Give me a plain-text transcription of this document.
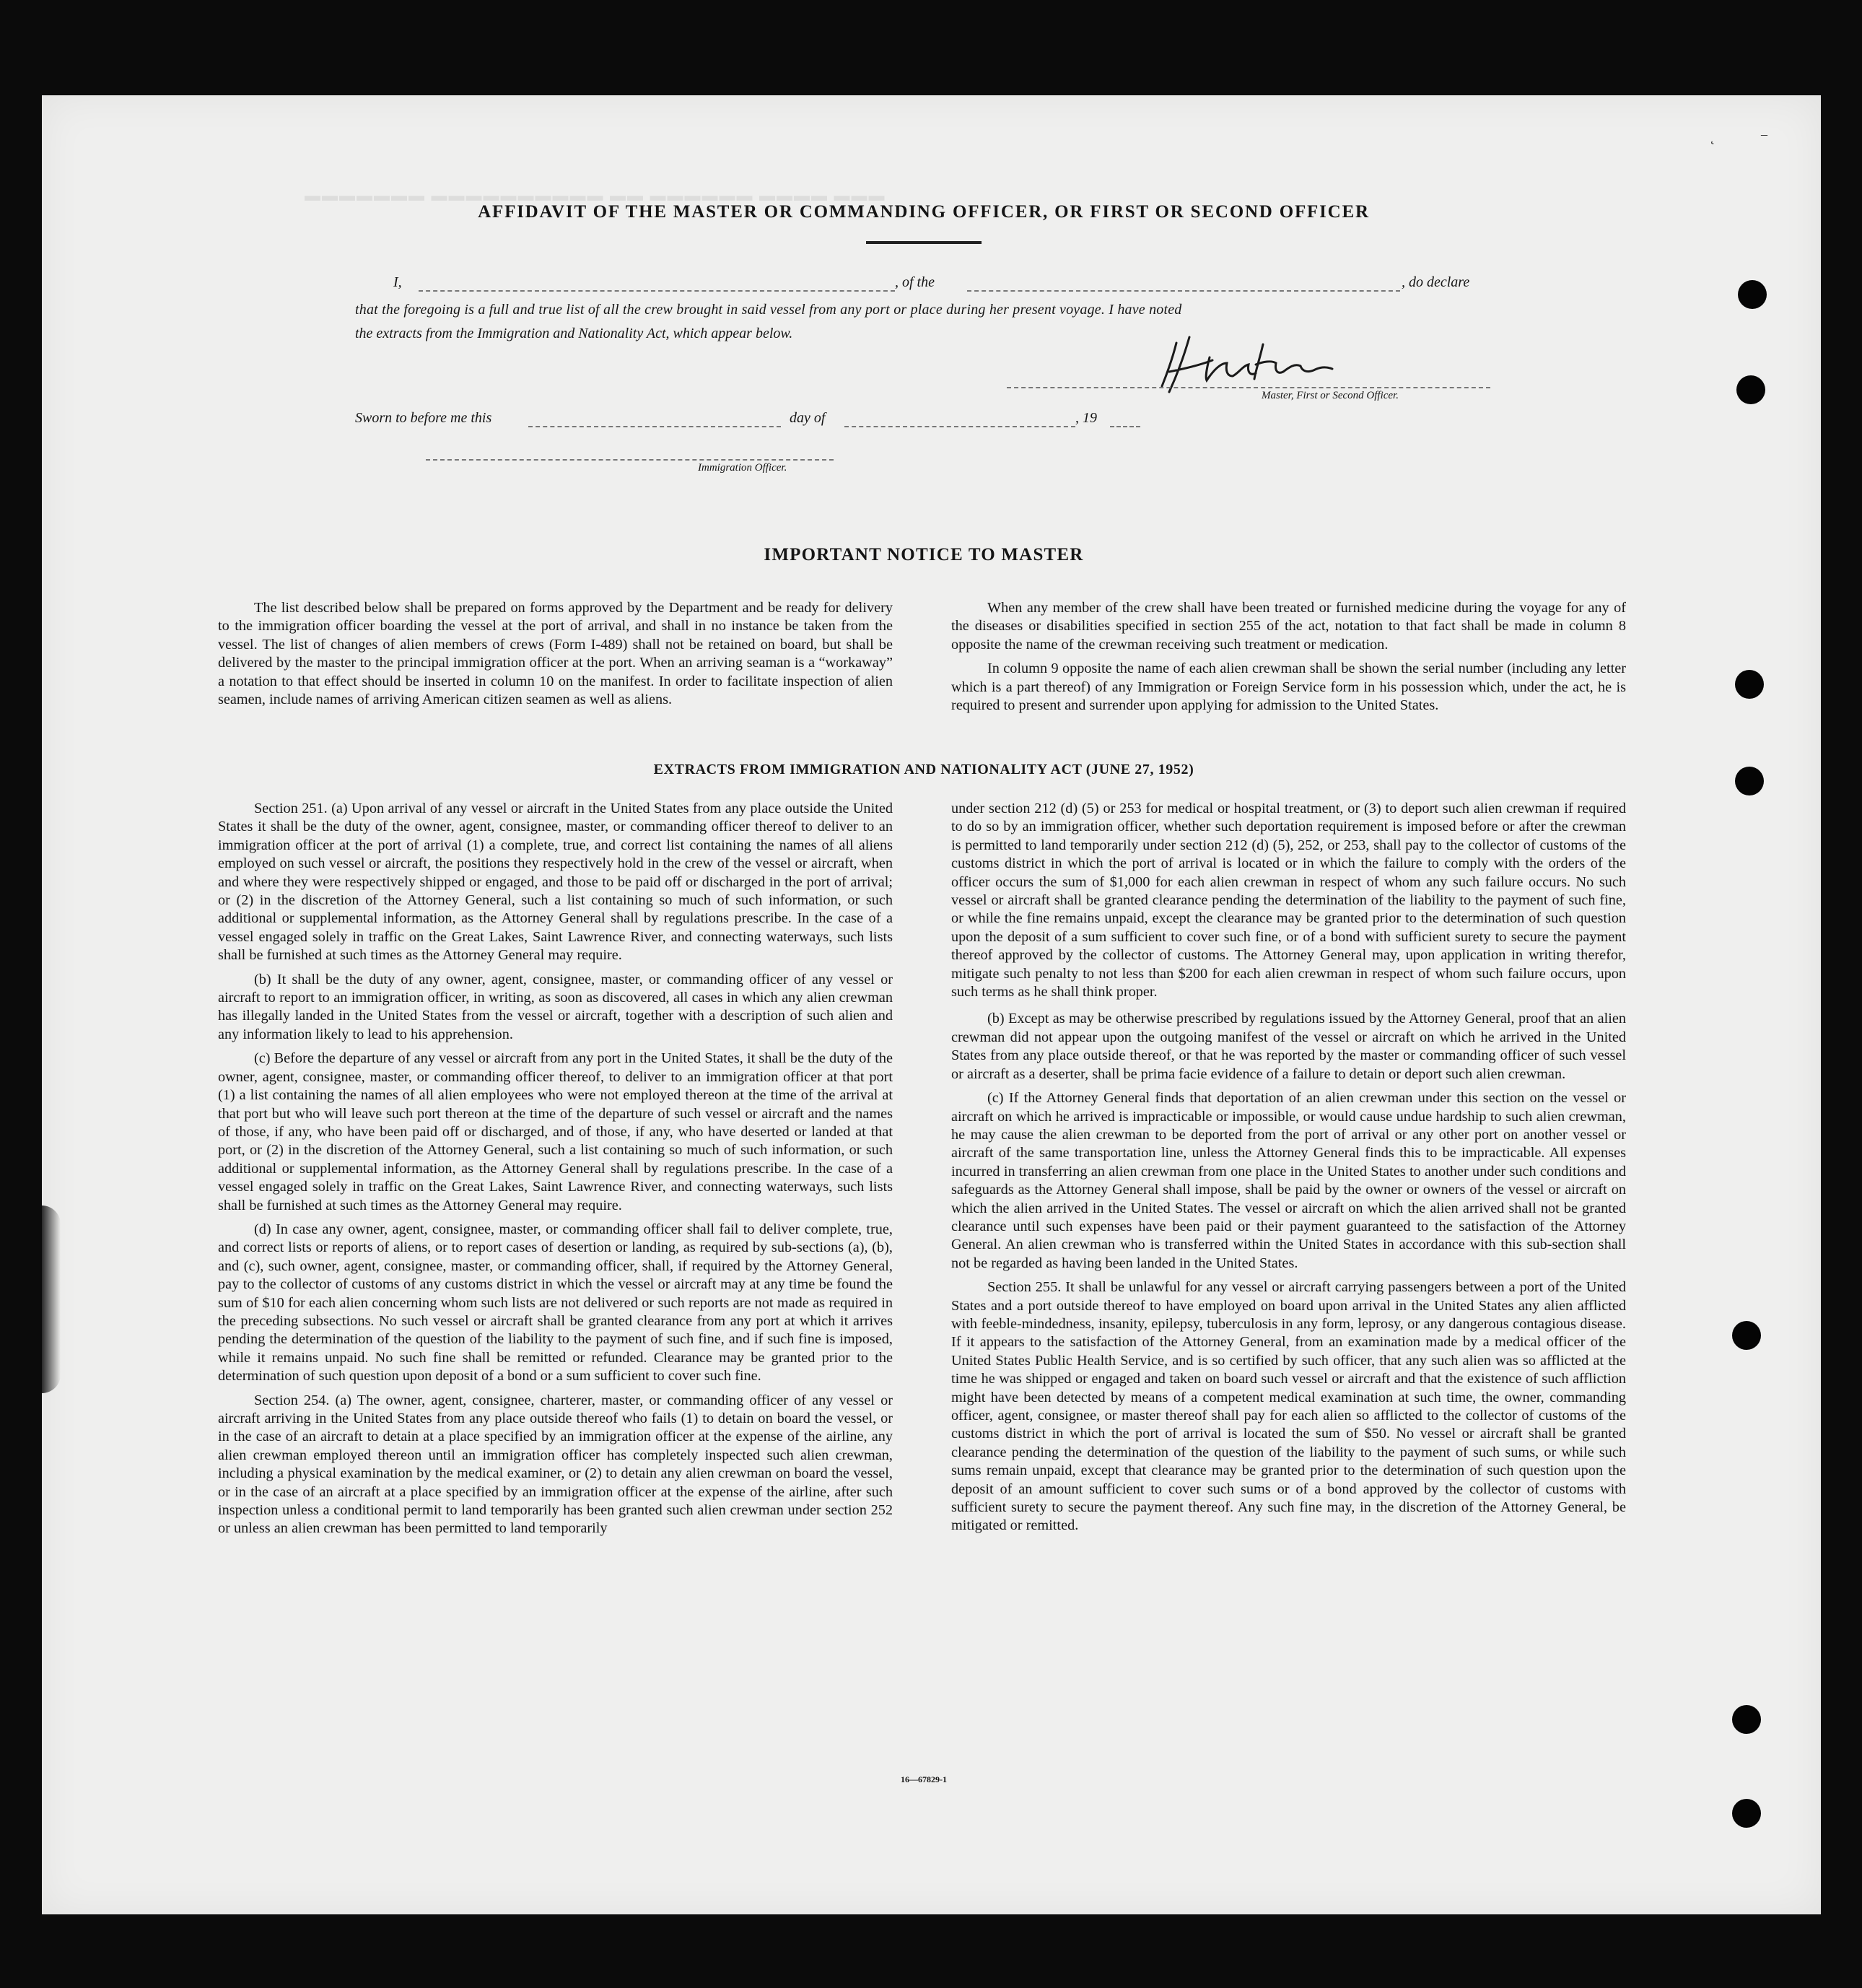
▬▬▬ ▬▬▬▬ ▬▬▬▬▬▬ ▬▬ ▬▬▬▬▬▬▬▬▬▬ ▬▬▬▬▬▬▬
˛	–
AFFIDAVIT OF THE MASTER OR COMMANDING OFFICER, OR FIRST OR SECOND OFFICER
I,	, of the	, do declare
that the foregoing is a full and true list of all the crew brought in said vessel from any port or place during her present voyage. I have noted
the extracts from the Immigration and Nationality Act, which appear below.
Master, First or Second Officer.
Sworn to before me this	day of	, 19
Immigration Officer.
IMPORTANT NOTICE TO MASTER

The list described below shall be prepared on forms approved by the Department and be ready for delivery to the immigration officer boarding the vessel at the port of arrival, and shall in no instance be taken from the vessel. The list of changes of alien members of crews (Form I-489) shall not be retained on board, but shall be delivered by the master to the principal immigration officer at the port. When an arriving seaman is a “workaway” a notation to that effect should be inserted in column 10 on the manifest. In order to facilitate inspection of alien seamen, include names of arriving American citizen seamen as well as aliens.

When any member of the crew shall have been treated or furnished medicine during the voyage for any of the diseases or disabilities specified in section 255 of the act, notation to that fact shall be made in column 8 opposite the name of the crewman receiving such treatment or medication.

In column 9 opposite the name of each alien crewman shall be shown the serial number (including any letter which is a part thereof) of any Immigration or Foreign Service form in his possession which, under the act, he is required to present and surrender upon applying for admission to the United States.

EXTRACTS FROM IMMIGRATION AND NATIONALITY ACT (JUNE 27, 1952)

Section 251. (a) Upon arrival of any vessel or aircraft in the United States from any place outside the United States it shall be the duty of the owner, agent, consignee, master, or commanding officer thereof to deliver to an immigration officer at the port of arrival (1) a complete, true, and correct list containing the names of all aliens employed on such vessel or aircraft, the positions they respectively hold in the crew of the vessel or aircraft, when and where they were respectively shipped or engaged, and those to be paid off or discharged in the port of arrival; or (2) in the discretion of the Attorney General, such a list containing so much of such information, or such additional or supplemental information, as the Attorney General shall by regulations prescribe. In the case of a vessel engaged solely in traffic on the Great Lakes, Saint Lawrence River, and connecting waterways, such lists shall be furnished at such times as the Attorney General may require.

(b) It shall be the duty of any owner, agent, consignee, master, or commanding officer of any vessel or aircraft to report to an immigration officer, in writing, as soon as discovered, all cases in which any alien crewman has illegally landed in the United States from the vessel or aircraft, together with a description of such alien and any information likely to lead to his apprehension.

(c) Before the departure of any vessel or aircraft from any port in the United States, it shall be the duty of the owner, agent, consignee, master, or commanding officer thereof, to deliver to an immigration officer at that port (1) a list containing the names of all alien employees who were not employed thereon at the time of the arrival at that port but who will leave such port thereon at the time of the departure of such vessel or aircraft and the names of those, if any, who have been paid off or discharged, and of those, if any, who have deserted or landed at that port, or (2) in the discretion of the Attorney General, such a list containing so much of such information, or such additional or supplemental information, as the Attorney General shall by regulations prescribe. In the case of a vessel engaged solely in traffic on the Great Lakes, Saint Lawrence River, and connecting waterways, such lists shall be furnished at such times as the Attorney General may require.

(d) In case any owner, agent, consignee, master, or commanding officer shall fail to deliver complete, true, and correct lists or reports of aliens, or to report cases of desertion or landing, as required by sub-sections (a), (b), and (c), such owner, agent, consignee, master, or commanding officer, shall, if required by the Attorney General, pay to the collector of customs of any customs district in which the vessel or aircraft may at any time be found the sum of $10 for each alien concerning whom such lists are not delivered or such reports are not made as required in the preceding subsections. No such vessel or aircraft shall be granted clearance from any port at which it arrives pending the determination of the question of the liability to the payment of such fine, and if such fine is imposed, while it remains unpaid. No such fine shall be remitted or refunded. Clearance may be granted prior to the determination of such question upon deposit of a bond or a sum sufficient to cover such fine.

Section 254. (a) The owner, agent, consignee, charterer, master, or commanding officer of any vessel or aircraft arriving in the United States from any place outside thereof who fails (1) to detain on board the vessel, or in the case of an aircraft to detain at a place specified by an immigration officer at the expense of the airline, any alien crewman employed thereon until an immigration officer has completely inspected such alien crewman, including a physical examination by the medical examiner, or (2) to detain any alien crewman on board the vessel, or in the case of an aircraft at a place specified by an immigration officer at the expense of the airline, after such inspection unless a conditional permit to land temporarily has been granted such alien crewman under section 252 or unless an alien crewman has been permitted to land temporarily

under section 212 (d) (5) or 253 for medical or hospital treatment, or (3) to deport such alien crewman if required to do so by an immigration officer, whether such deportation requirement is imposed before or after the crewman is permitted to land temporarily under section 212 (d) (5), 252, or 253, shall pay to the collector of customs of the customs district in which the port of arrival is located or in which the failure to comply with the orders of the officer occurs the sum of $1,000 for each alien crewman in respect of whom any such failure occurs. No such vessel or aircraft shall be granted clearance pending the determination of the liability to the payment of such fine, or while the fine remains unpaid, except the clearance may be granted prior to the determination of such question upon the deposit of a sum sufficient to cover such fine, or of a bond with sufficient surety to secure the payment thereof approved by the collector of customs. The Attorney General may, upon application in writing therefor, mitigate such penalty to not less than $200 for each alien crewman in respect of whom such failure occurs, upon such terms as he shall think proper.

(b) Except as may be otherwise prescribed by regulations issued by the Attorney General, proof that an alien crewman did not appear upon the outgoing manifest of the vessel or aircraft on which he arrived in the United States from any place outside thereof, or that he was reported by the master or commanding officer of such vessel or aircraft as a deserter, shall be prima facie evidence of a failure to detain or deport such alien crewman.

(c) If the Attorney General finds that deportation of an alien crewman under this section on the vessel or aircraft on which he arrived is impracticable or impossible, or would cause undue hardship to such alien crewman, he may cause the alien crewman to be deported from the port of arrival or any other port on another vessel or aircraft of the same transportation line, unless the Attorney General finds this to be impracticable. All expenses incurred in transferring an alien crewman from one place in the United States to another under such conditions and safeguards as the Attorney General shall impose, shall be paid by the owner or owners of the vessel or aircraft on which the alien arrived in the United States. The vessel or aircraft on which the alien arrived shall not be granted clearance until such expenses have been paid or their payment guaranteed to the satisfaction of the Attorney General. An alien crewman who is transferred within the United States in accordance with this sub-section shall not be regarded as having been landed in the United States.

Section 255. It shall be unlawful for any vessel or aircraft carrying passengers between a port of the United States and a port outside thereof to have employed on board upon arrival in the United States any alien afflicted with feeble-mindedness, insanity, epilepsy, tuberculosis in any form, leprosy, or any dangerous contagious disease. If it appears to the satisfaction of the Attorney General, from an examination made by a medical officer of the United States Public Health Service, and is so certified by such officer, that any such alien was so afflicted at the time he was shipped or engaged and taken on board such vessel or aircraft and that the existence of such affliction might have been detected by means of a competent medical examination at such time, the owner, commanding officer, agent, consignee, or master thereof shall pay for each alien so afflicted to the collector of customs of the customs district in which the port of arrival is located the sum of $50. No vessel or aircraft shall be granted clearance pending the determination of the question of the liability to the payment of such sums, or while such sums remain unpaid, except that clearance may be granted prior to the determination of such question upon the deposit of an amount sufficient to cover such sums or of a bond approved by the collector of customs with sufficient surety to secure the payment thereof. Any such fine may, in the discretion of the Attorney General, be mitigated or remitted.

16—67829-1
